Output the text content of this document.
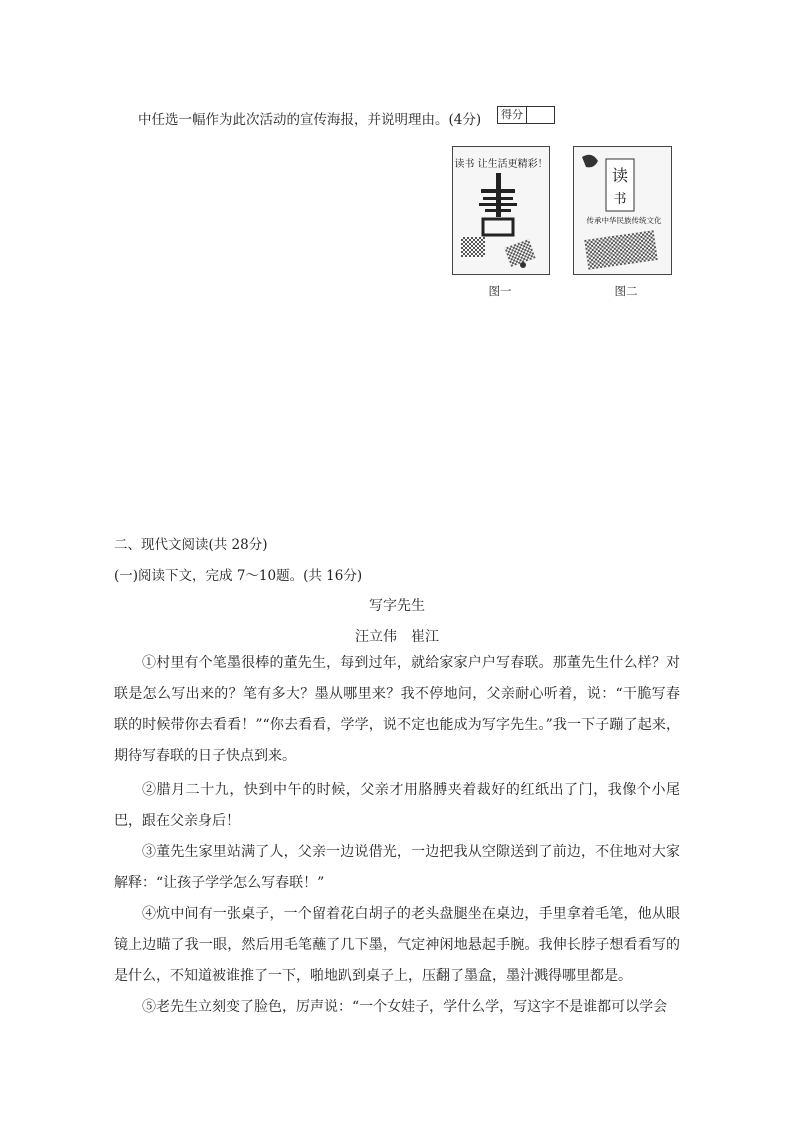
中任选一幅作为此次活动的宣传海报，并说明理由。(4分) 得分
读书 让生活更精彩！
图一
读
书
传承中华民族传统文化
图二
二、现代文阅读(共 28分)
(一)阅读下文，完成 7～10题。(共 16分)
写字先生
汪立伟　崔江
①村里有个笔墨很棒的董先生，每到过年，就给家家户户写春联。那董先生什么样？对联是怎么写出来的？笔有多大？墨从哪里来？我不停地问，父亲耐心听着，说：“干脆写春联的时候带你去看看！”“你去看看，学学，说不定也能成为写字先生。”我一下子蹦了起来，期待写春联的日子快点到来。
②腊月二十九，快到中午的时候，父亲才用胳膊夹着裁好的红纸出了门，我像个小尾巴，跟在父亲身后！
③董先生家里站满了人，父亲一边说借光，一边把我从空隙送到了前边，不住地对大家解释：“让孩子学学怎么写春联！”
④炕中间有一张桌子，一个留着花白胡子的老头盘腿坐在桌边，手里拿着毛笔，他从眼镜上边瞄了我一眼，然后用毛笔蘸了几下墨，气定神闲地悬起手腕。我伸长脖子想看看写的是什么，不知道被谁推了一下，啪地趴到桌子上，压翻了墨盒，墨汁溅得哪里都是。
⑤老先生立刻变了脸色，厉声说：“一个女娃子，学什么学，写这字不是谁都可以学会
